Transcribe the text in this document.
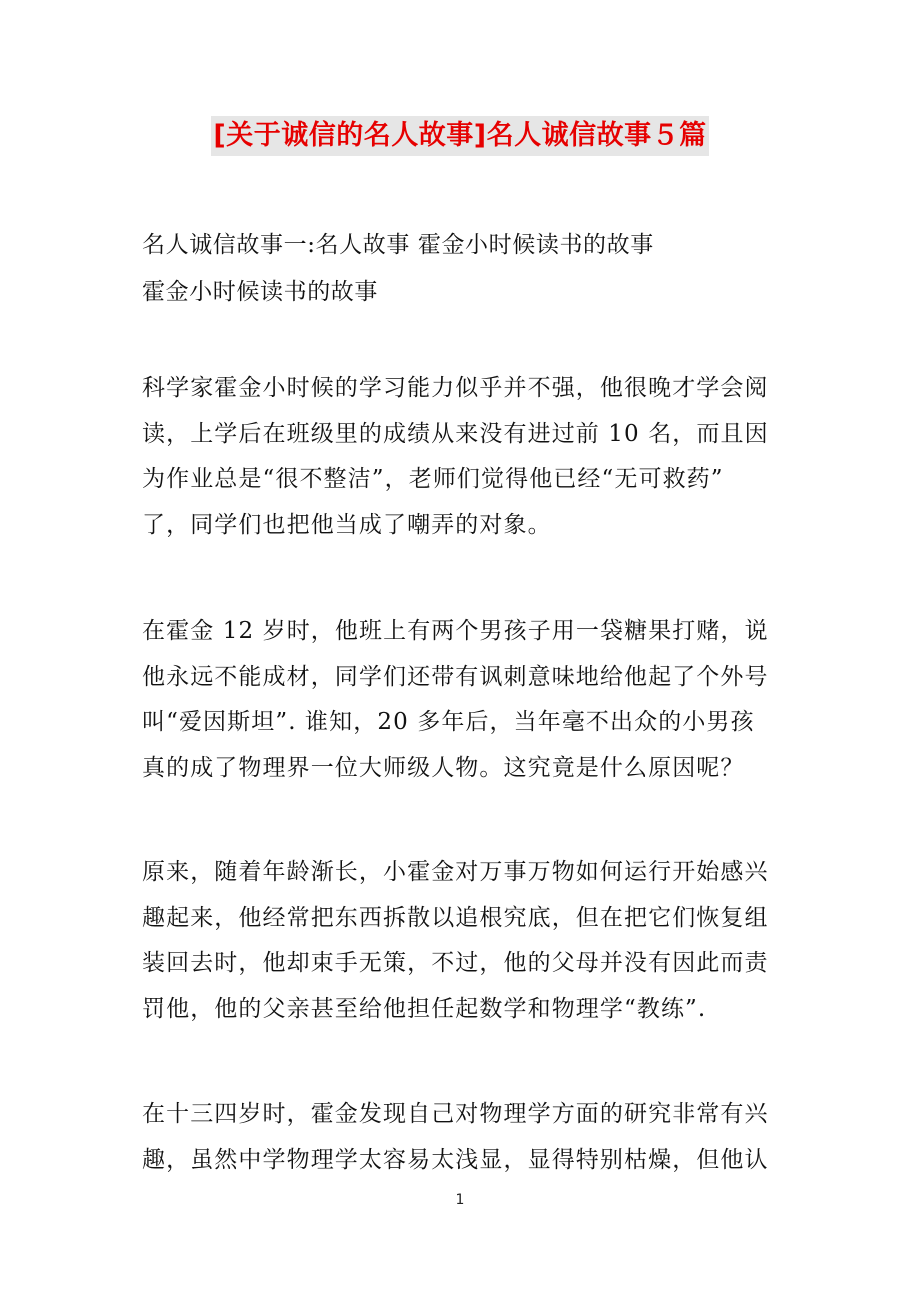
[关于诚信的名人故事]名人诚信故事５篇
名人诚信故事一:名人故事 霍金小时候读书的故事
霍金小时候读书的故事

科学家霍金小时候的学习能力似乎并不强，他很晚才学会阅
读，上学后在班级里的成绩从来没有进过前 10 名，而且因
为作业总是“很不整洁”，老师们觉得他已经“无可救药”
了，同学们也把他当成了嘲弄的对象。

在霍金 12 岁时，他班上有两个男孩子用一袋糖果打赌，说
他永远不能成材，同学们还带有讽刺意味地给他起了个外号
叫“爱因斯坦”. 谁知，20 多年后，当年毫不出众的小男孩
真的成了物理界一位大师级人物。这究竟是什么原因呢？

原来，随着年龄渐长，小霍金对万事万物如何运行开始感兴
趣起来，他经常把东西拆散以追根究底，但在把它们恢复组
装回去时，他却束手无策，不过，他的父母并没有因此而责
罚他，他的父亲甚至给他担任起数学和物理学“教练”.

在十三四岁时，霍金发现自己对物理学方面的研究非常有兴
趣，虽然中学物理学太容易太浅显，显得特别枯燥，但他认

1
